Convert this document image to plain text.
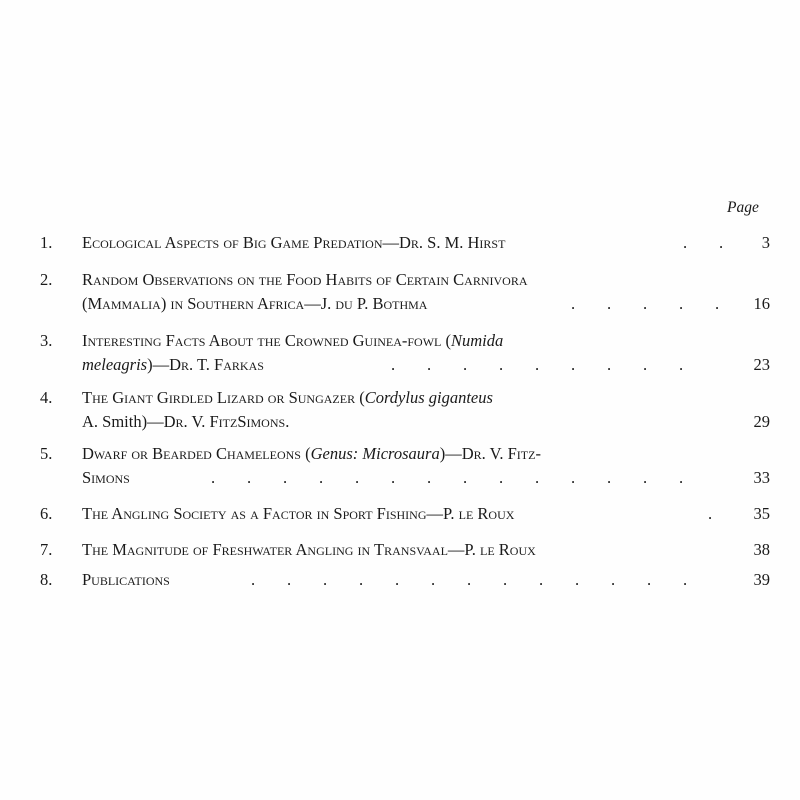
Page
1.	Ecological Aspects of Big Game Predation—Dr. S. M. Hirst	. .	3
2.	Random Observations on the Food Habits of Certain Carnivora
(Mammalia) in Southern Africa—J. du P. Bothma	. . . . .	16
3.	Interesting Facts About the Crowned Guinea-fowl (Numida
meleagris)—Dr. T. Farkas	. . . . . . . . .	23
4.	The Giant Girdled Lizard or Sungazer (Cordylus giganteus
A. Smith)—Dr. V. FitzSimons.	29
5.	Dwarf or Bearded Chameleons (Genus: Microsaura)—Dr. V. Fitz-
Simons	. . . . . . . . . . . . . .	33
6.	The Angling Society as a Factor in Sport Fishing—P. le Roux	.	35
7.	The Magnitude of Freshwater Angling in Transvaal—P. le Roux	38
8.	Publications	. . . . . . . . . . . . .	39
